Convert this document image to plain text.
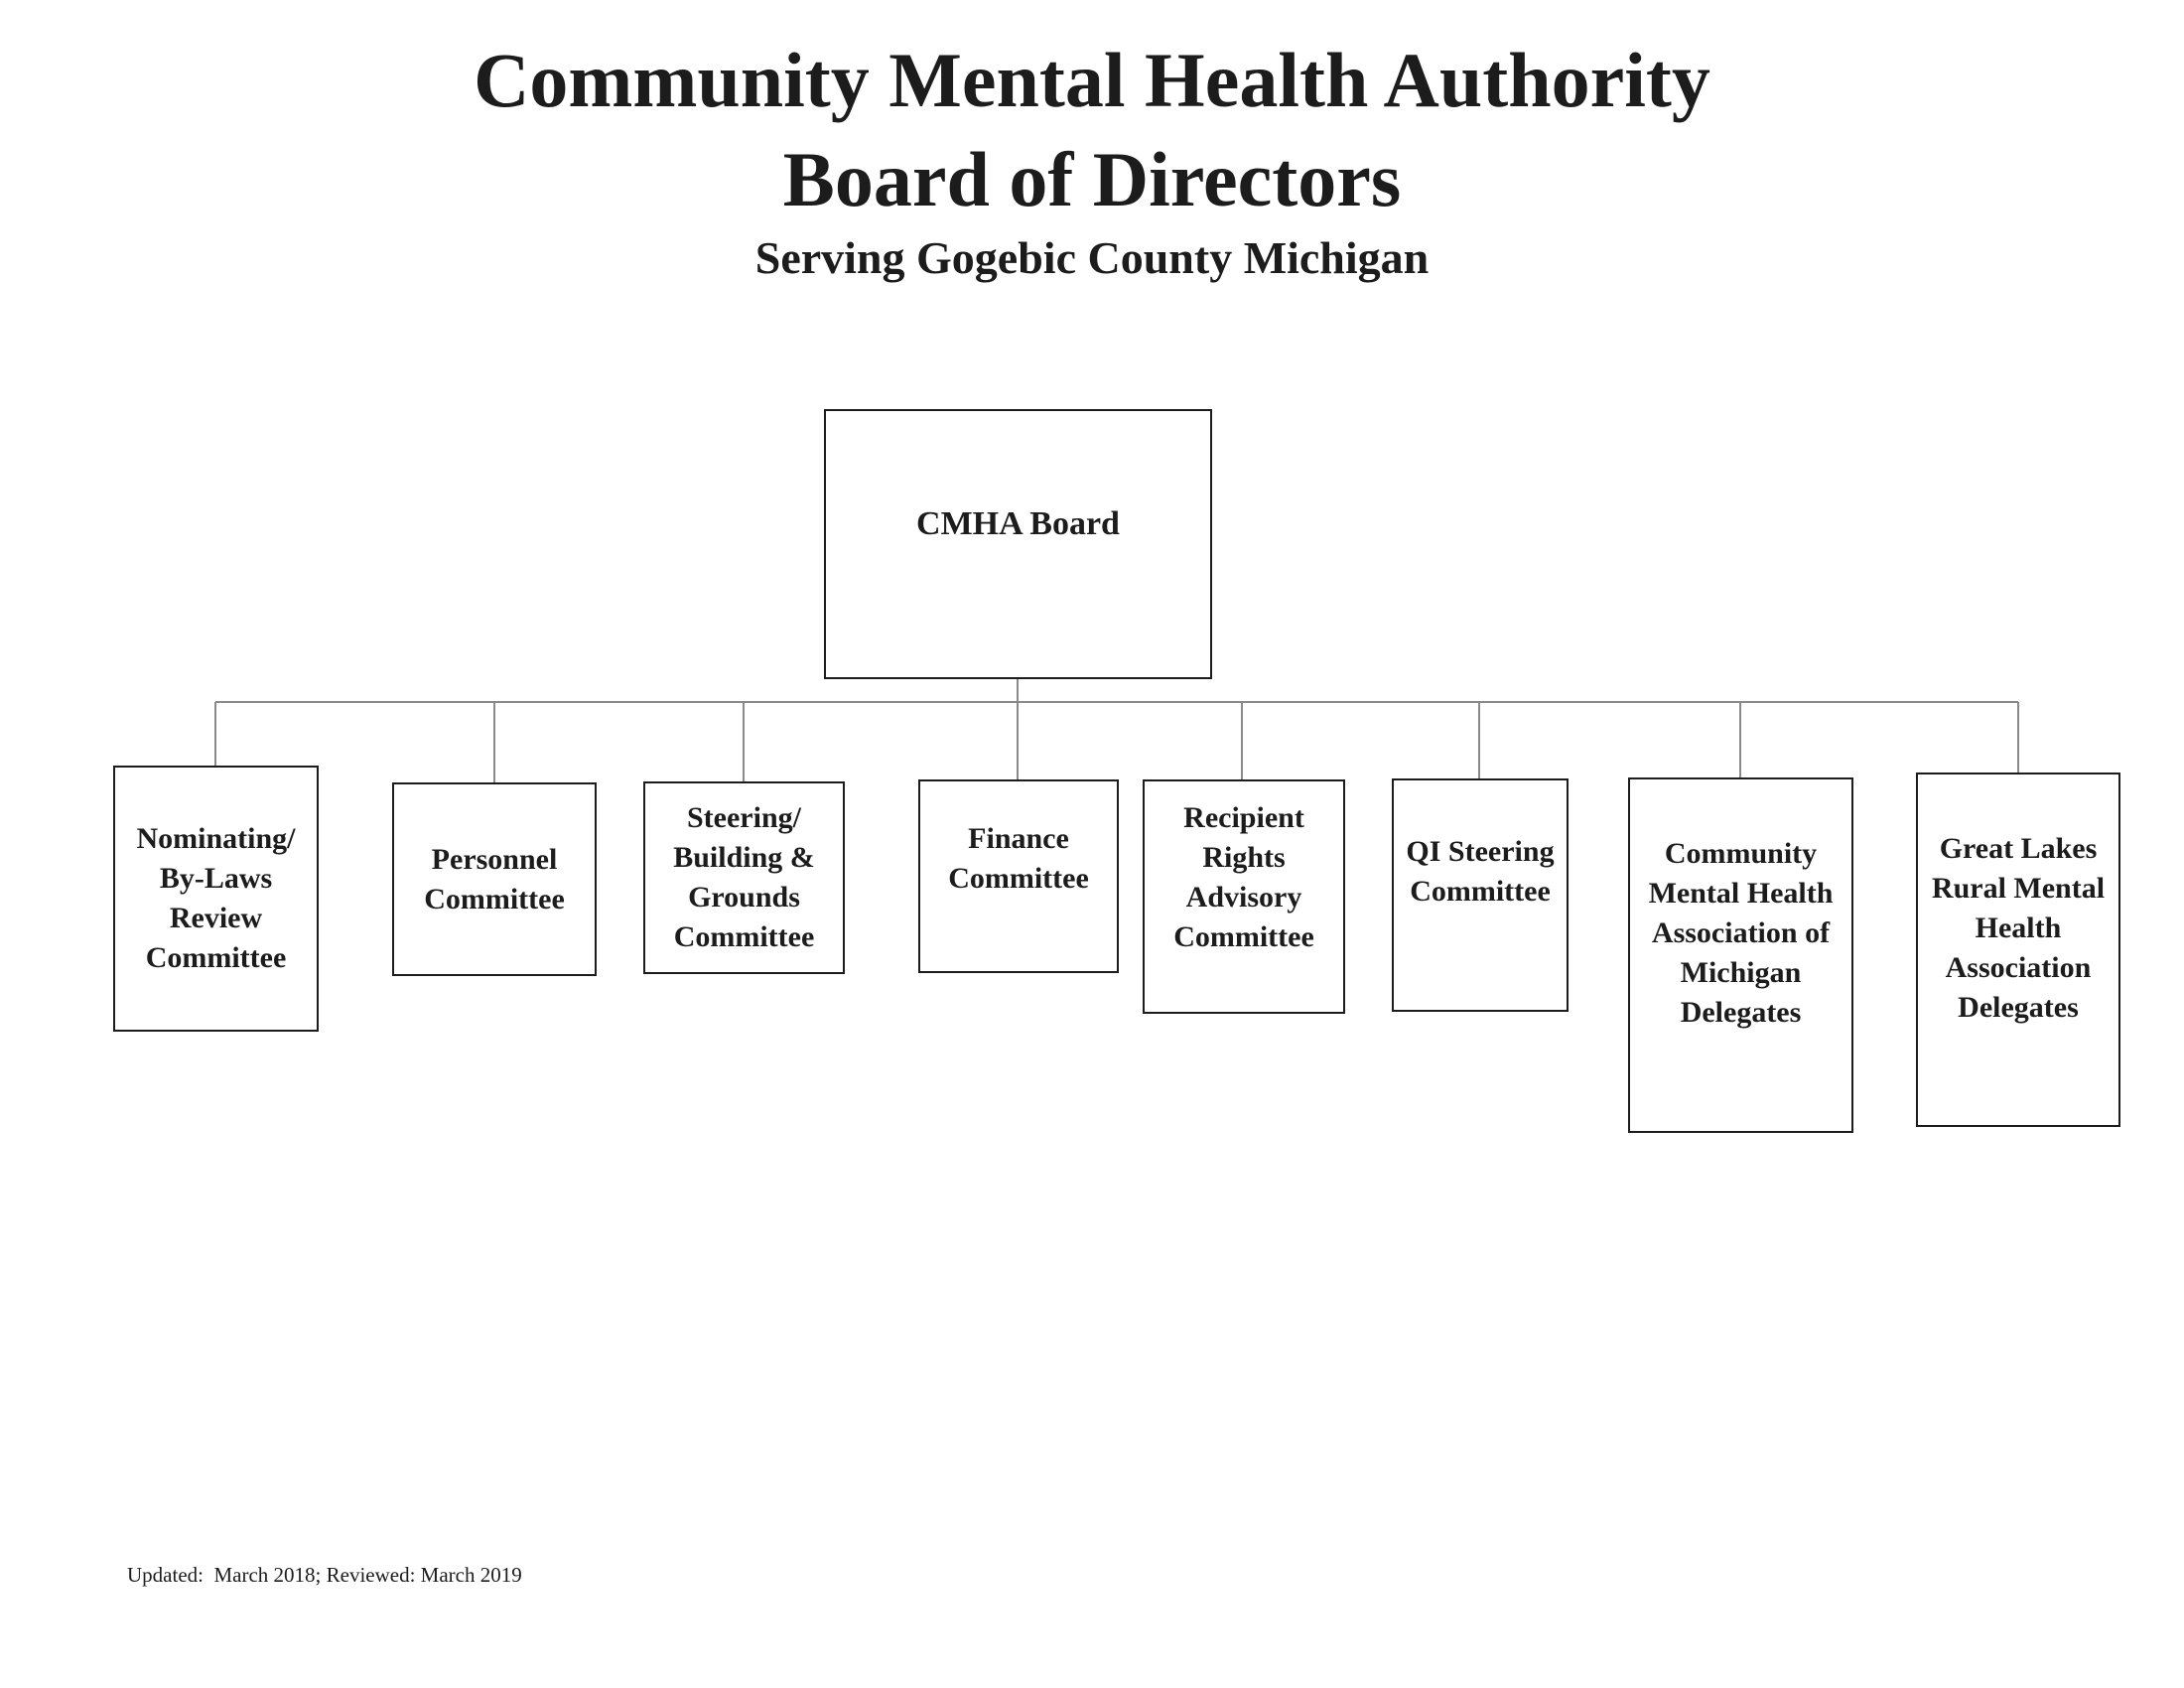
Community Mental Health Authority
Board of Directors
Serving Gogebic County Michigan
CMHA Board
Nominating/
By-Laws
Review
Committee
Personnel
Committee
Steering/
Building &
Grounds
Committee
Finance
Committee
Recipient
Rights
Advisory
Committee
QI Steering
Committee
Community
Mental Health
Association of
Michigan
Delegates
Great Lakes
Rural Mental
Health
Association
Delegates

Updated:  March 2018; Reviewed: March 2019
